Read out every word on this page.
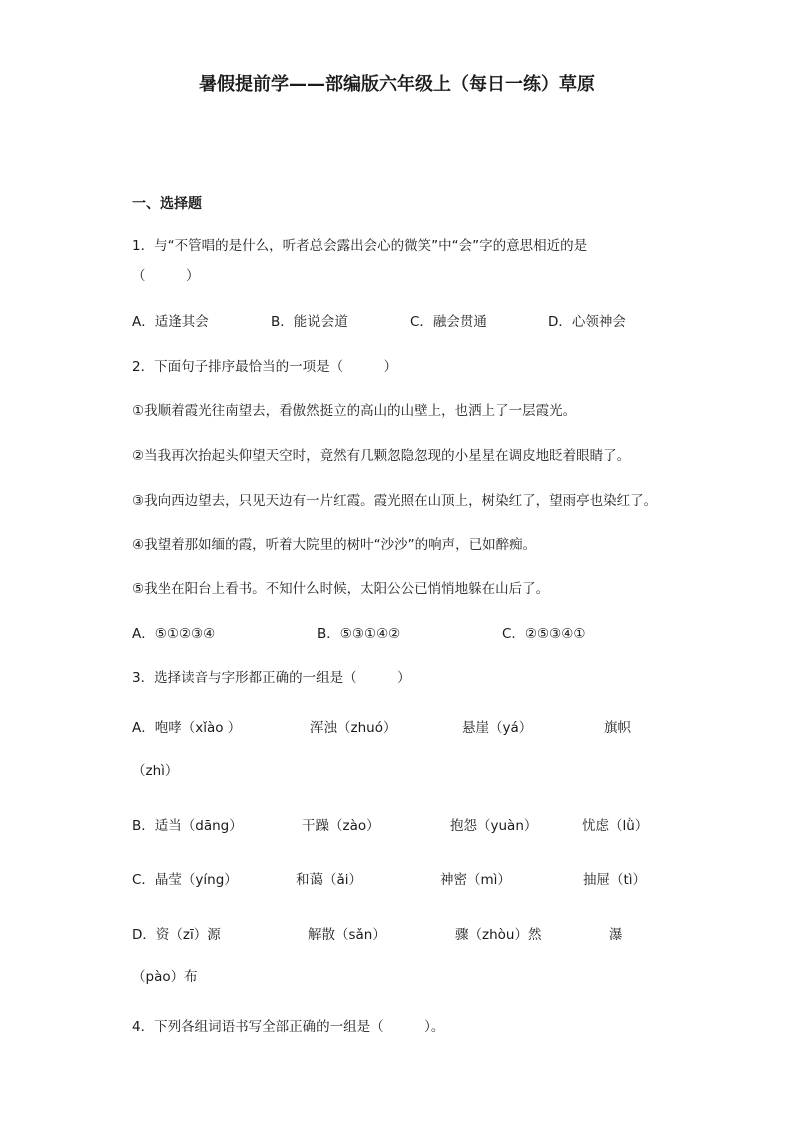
暑假提前学——部编版六年级上（每日一练）草原
一、选择题
1．与“不管唱的是什么，听者总会露出会心的微笑”中“会”字的意思相近的是
（　　　）
A．适逢其会	B．能说会道	C．融会贯通	D．心领神会
2．下面句子排序最恰当的一项是（　　　）
①我顺着霞光往南望去，看傲然挺立的高山的山壁上，也洒上了一层霞光。
②当我再次抬起头仰望天空时，竟然有几颗忽隐忽现的小星星在调皮地眨着眼睛了。
③我向西边望去，只见天边有一片红霞。霞光照在山顶上，树染红了，望雨亭也染红了。
④我望着那如缅的霞，听着大院里的树叶“沙沙”的响声，已如醉痴。
⑤我坐在阳台上看书。不知什么时候，太阳公公已悄悄地躲在山后了。
A．⑤①②③④	B．⑤③①④②	C．②⑤③④①
3．选择读音与字形都正确的一组是（　　　）
A．咆哮（xǐào ）	浑浊（zhuó）	悬崖（yá）	旗帜
（zhì）
B．适当（dāng）	干躁（zào）	抱怨（yuàn）	忧虑（lǜ）
C．晶莹（yíng）	和蔼（ǎi）	神密（mì）	抽屉（tì）
D．资（zī）源	解散（sǎn）	骤（zhòu）然	瀑
（pào）布
4．下列各组词语书写全部正确的一组是（　　　）。
